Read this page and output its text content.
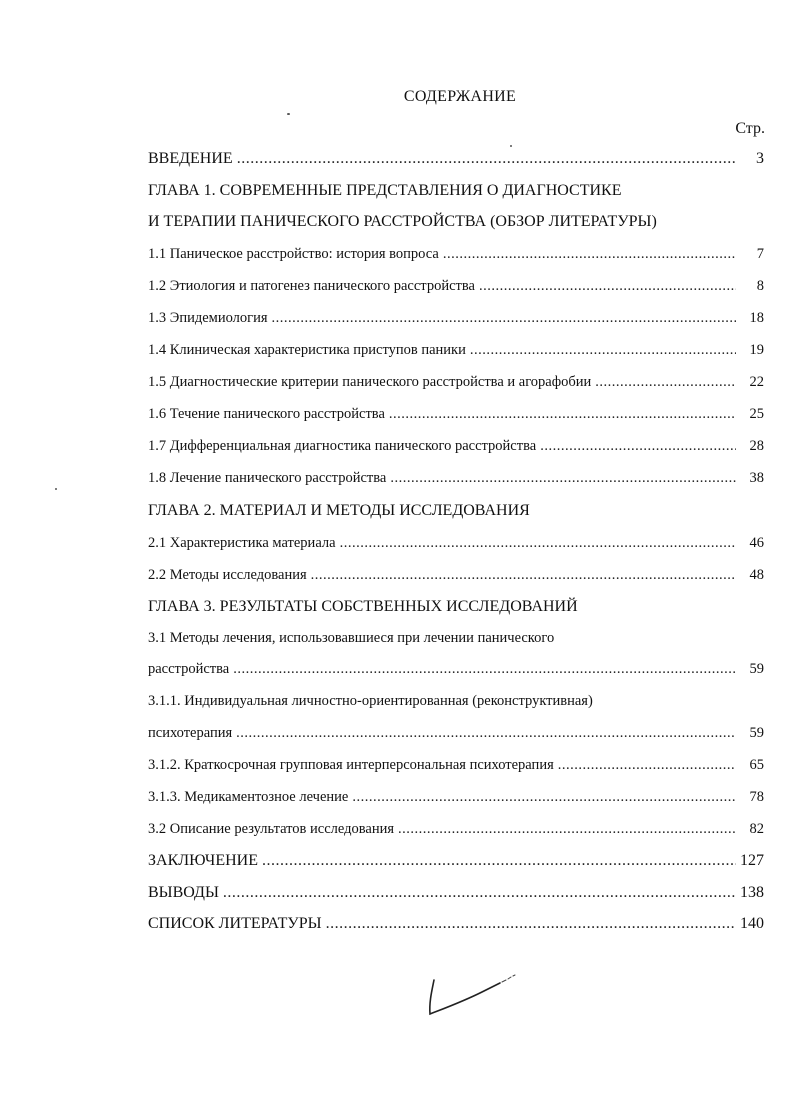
СОДЕРЖАНИЕ
Стр.
ВВЕДЕНИЕ .....	3
ГЛАВА 1. СОВРЕМЕННЫЕ ПРЕДСТАВЛЕНИЯ О ДИАГНОСТИКЕ
И ТЕРАПИИ ПАНИЧЕСКОГО РАССТРОЙСТВА (ОБЗОР ЛИТЕРАТУРЫ)
1.1 Паническое расстройство: история вопроса .....	7
1.2 Этиология и патогенез панического расстройства .....	8
1.3 Эпидемиология .....	18
1.4 Клиническая характеристика приступов паники .....	19
1.5 Диагностические критерии панического расстройства и агорафобии .....	22
1.6 Течение панического расстройства .....	25
1.7 Дифференциальная диагностика панического расстройства .....	28
1.8 Лечение панического расстройства .....	38
ГЛАВА 2. МАТЕРИАЛ И МЕТОДЫ ИССЛЕДОВАНИЯ
2.1 Характеристика материала .....	46
2.2 Методы исследования .....	48
ГЛАВА 3. РЕЗУЛЬТАТЫ СОБСТВЕННЫХ ИССЛЕДОВАНИЙ
3.1 Методы лечения, использовавшиеся при лечении панического
расстройства .....	59
3.1.1. Индивидуальная личностно-ориентированная (реконструктивная)
психотерапия .....	59
3.1.2. Краткосрочная групповая интерперсональная психотерапия .....	65
3.1.3. Медикаментозное лечение .....	78
3.2 Описание результатов исследования .....	82
ЗАКЛЮЧЕНИЕ .....	127
ВЫВОДЫ .....	138
СПИСОК ЛИТЕРАТУРЫ .....	140
